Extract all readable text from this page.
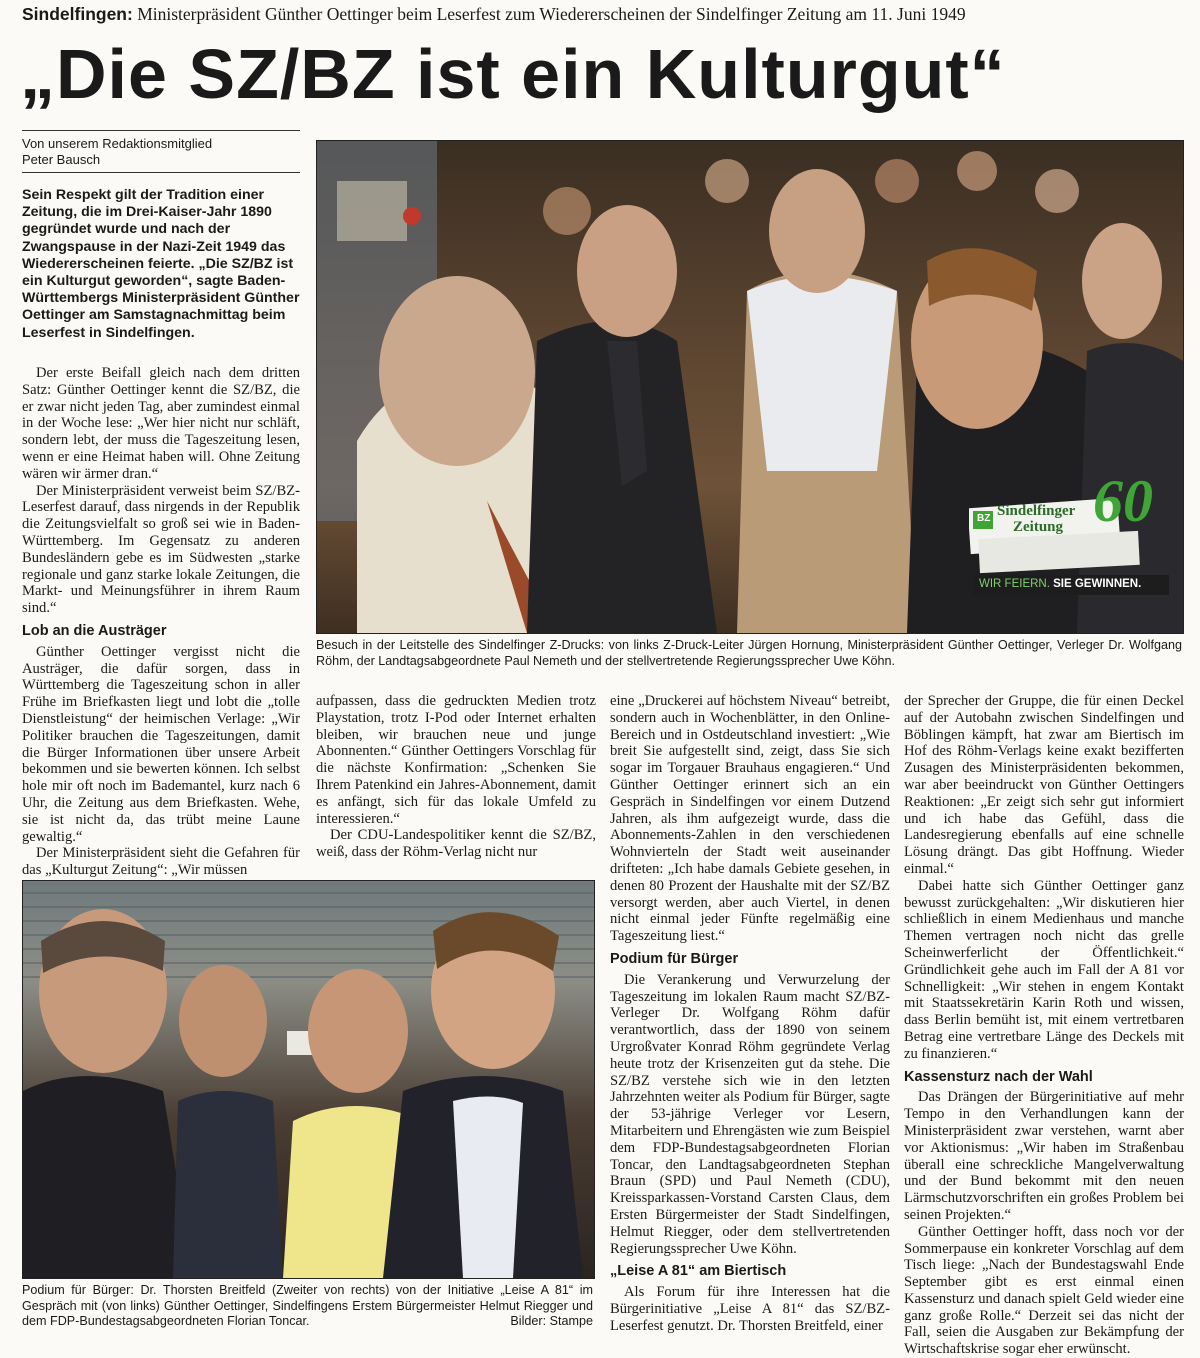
Sindelfingen: Ministerpräsident Günther Oettinger beim Leserfest zum Wiedererscheinen der Sindelfinger Zeitung am 11. Juni 1949
„Die SZ/BZ ist ein Kulturgut“
Von unserem Redaktionsmitglied
Peter Bausch
Sein Respekt gilt der Tradition einer Zeitung, die im Drei-Kaiser-Jahr 1890 gegründet wurde und nach der Zwangspause in der Nazi-Zeit 1949 das Wiedererscheinen feierte. „Die SZ/BZ ist ein Kulturgut geworden“, sagte Baden-Württembergs Ministerpräsident Günther Oettinger am Samstagnachmittag beim Leserfest in Sindelfingen.

Der erste Beifall gleich nach dem dritten Satz: Günther Oettinger kennt die SZ/BZ, die er zwar nicht jeden Tag, aber zumindest einmal in der Woche lese: „Wer hier nicht nur schläft, sondern lebt, der muss die Tageszeitung lesen, wenn er eine Heimat haben will. Ohne Zeitung wären wir ärmer dran.“

Der Ministerpräsident verweist beim SZ/BZ-Leserfest darauf, dass nirgends in der Republik die Zeitungsvielfalt so groß sei wie in Baden-Württemberg. Im Gegensatz zu anderen Bundesländern gebe es im Südwesten „starke regionale und ganz starke lokale Zeitungen, die Markt- und Meinungsführer in ihrem Raum sind.“

Lob an die Austräger

Günther Oettinger vergisst nicht die Austräger, die dafür sorgen, dass in Württemberg die Tageszeitung schon in aller Frühe im Briefkasten liegt und lobt die „tolle Dienstleistung“ der heimischen Verlage: „Wir Politiker brauchen die Tageszeitungen, damit die Bürger Informationen über unsere Arbeit bekommen und sie bewerten können. Ich selbst hole mir oft noch im Bademantel, kurz nach 6 Uhr, die Zeitung aus dem Briefkasten. Wehe, sie ist nicht da, das trübt meine Laune gewaltig.“

Der Ministerpräsident sieht die Gefahren für das „Kulturgut Zeitung“: „Wir müssen

BZ Sindelfinger
Zeitung 60
WIR FEIERN. SIE GEWINNEN.
Besuch in der Leitstelle des Sindelfinger Z-Drucks: von links Z-Druck-Leiter Jürgen Hornung, Ministerpräsident Günther Oettinger, Verleger Dr. Wolfgang Röhm, der Landtagsabgeordnete Paul Nemeth und der stellvertretende Regierungssprecher Uwe Köhn.

aufpassen, dass die gedruckten Medien trotz Playstation, trotz I-Pod oder Internet erhalten bleiben, wir brauchen neue und junge Abonnenten.“ Günther Oettingers Vorschlag für die nächste Konfirmation: „Schenken Sie Ihrem Patenkind ein Jahres-Abonnement, damit es anfängt, sich für das lokale Umfeld zu interessieren.“

Der CDU-Landespolitiker kennt die SZ/BZ, weiß, dass der Röhm-Verlag nicht nur

eine „Druckerei auf höchstem Niveau“ betreibt, sondern auch in Wochenblätter, in den Online-Bereich und in Ostdeutschland investiert: „Wie breit Sie aufgestellt sind, zeigt, dass Sie sich sogar im Torgauer Brauhaus engagieren.“ Und Günther Oettinger erinnert sich an ein Gespräch in Sindelfingen vor einem Dutzend Jahren, als ihm aufgezeigt wurde, dass die Abonnements-Zahlen in den verschiedenen Wohnvierteln der Stadt weit auseinander drifteten: „Ich habe damals Gebiete gesehen, in denen 80 Prozent der Haushalte mit der SZ/BZ versorgt werden, aber auch Viertel, in denen nicht einmal jeder Fünfte regelmäßig eine Tageszeitung liest.“

Podium für Bürger

Die Verankerung und Verwurzelung der Tageszeitung im lokalen Raum macht SZ/BZ-Verleger Dr. Wolfgang Röhm dafür verantwortlich, dass der 1890 von seinem Urgroßvater Konrad Röhm gegründete Verlag heute trotz der Krisenzeiten gut da stehe. Die SZ/BZ verstehe sich wie in den letzten Jahrzehnten weiter als Podium für Bürger, sagte der 53-jährige Verleger vor Lesern, Mitarbeitern und Ehrengästen wie zum Beispiel dem FDP-Bundestagsabgeordneten Florian Toncar, den Landtagsabgeordneten Stephan Braun (SPD) und Paul Nemeth (CDU), Kreissparkassen-Vorstand Carsten Claus, dem Ersten Bürgermeister der Stadt Sindelfingen, Helmut Riegger, oder dem stellvertretenden Regierungssprecher Uwe Köhn.

„Leise A 81“ am Biertisch

Als Forum für ihre Interessen hat die Bürgerinitiative „Leise A 81“ das SZ/BZ-Leserfest genutzt. Dr. Thorsten Breitfeld, einer

der Sprecher der Gruppe, die für einen Deckel auf der Autobahn zwischen Sindelfingen und Böblingen kämpft, hat zwar am Biertisch im Hof des Röhm-Verlags keine exakt bezifferten Zusagen des Ministerpräsidenten bekommen, war aber beeindruckt von Günther Oettingers Reaktionen: „Er zeigt sich sehr gut informiert und ich habe das Gefühl, dass die Landesregierung ebenfalls auf eine schnelle Lösung drängt. Das gibt Hoffnung. Wieder einmal.“

Dabei hatte sich Günther Oettinger ganz bewusst zurückgehalten: „Wir diskutieren hier schließlich in einem Medienhaus und manche Themen vertragen noch nicht das grelle Scheinwerferlicht der Öffentlichkeit.“ Gründlichkeit gehe auch im Fall der A 81 vor Schnelligkeit: „Wir stehen in engem Kontakt mit Staatssekretärin Karin Roth und wissen, dass Berlin bemüht ist, mit einem vertretbaren Betrag eine vertretbare Länge des Deckels mit zu finanzieren.“

Kassensturz nach der Wahl

Das Drängen der Bürgerinitiative auf mehr Tempo in den Verhandlungen kann der Ministerpräsident zwar verstehen, warnt aber vor Aktionismus: „Wir haben im Straßenbau überall eine schreckliche Mangelverwaltung und der Bund bekommt mit den neuen Lärmschutzvorschriften ein großes Problem bei seinen Projekten.“

Günther Oettinger hofft, dass noch vor der Sommerpause ein konkreter Vorschlag auf dem Tisch liege: „Nach der Bundestagswahl Ende September gibt es erst einmal einen Kassensturz und danach spielt Geld wieder eine ganz große Rolle.“ Derzeit sei das nicht der Fall, seien die Ausgaben zur Bekämpfung der Wirtschaftskrise sogar eher erwünscht.

Podium für Bürger: Dr. Thorsten Breitfeld (Zweiter von rechts) von der Initiative „Leise A 81“ im Gespräch mit (von links) Günther Oettinger, Sindelfingens Erstem Bürgermeister Helmut Riegger und dem FDP-Bundestagsabgeordneten Florian Toncar.	Bilder: Stampe
